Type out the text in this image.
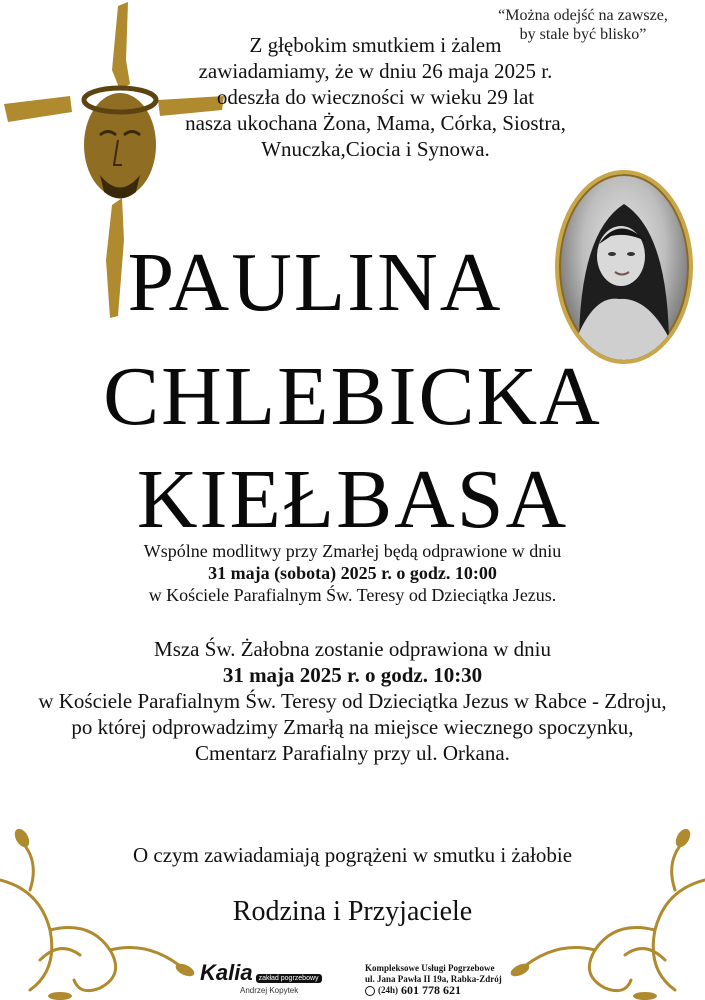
“Można odejść na zawsze,
by stale być blisko”
Z głębokim smutkiem i żalem
zawiadamiamy, że w dniu 26 maja 2025 r.
odeszła do wieczności w wieku 29 lat
nasza ukochana Żona, Mama, Córka, Siostra,
Wnuczka,Ciocia i Synowa.
PAULINA
CHLEBICKA
KIEŁBASA
Wspólne modlitwy przy Zmarłej będą odprawione w dniu
31 maja (sobota) 2025 r. o godz. 10:00
w Kościele Parafialnym Św. Teresy od Dzieciątka Jezus.
Msza Św. Żałobna zostanie odprawiona w dniu
31 maja 2025 r. o godz. 10:30
w Kościele Parafialnym Św. Teresy od Dzieciątka Jezus w Rabce - Zdroju,
po której odprowadzimy Zmarłą na miejsce wiecznego spoczynku,
Cmentarz Parafialny przy ul. Orkana.
O czym zawiadamiają pogrążeni w smutku i żałobie
Rodzina i Przyjaciele
Kalia zakład pogrzebowy
Andrzej Kopytek
Kompleksowe Usługi Pogrzebowe
ul. Jana Pawła II 19a, Rabka-Zdrój
(24h) 601 778 621
